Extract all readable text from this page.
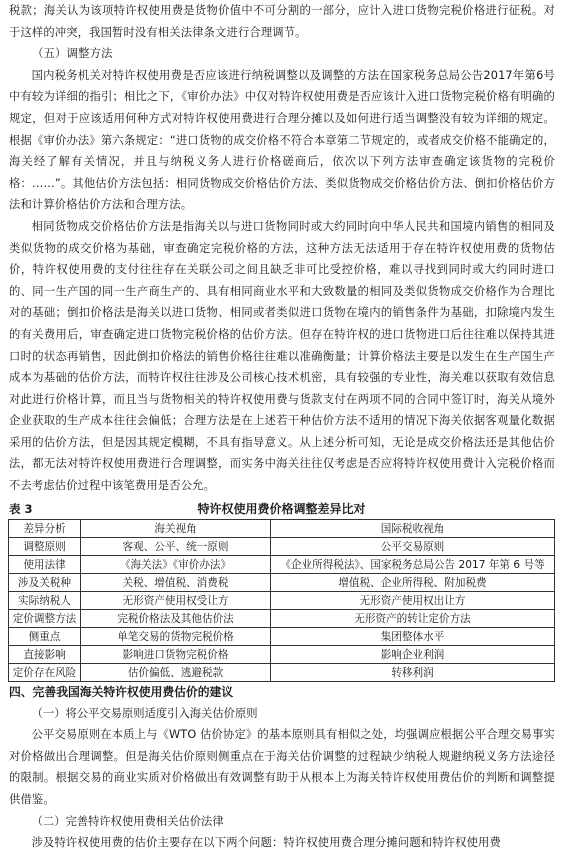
税款；海关认为该项特许权使用费是货物价值中不可分割的一部分，应计入进口货物完税价格进行征税。对于这样的冲突，我国暂时没有相关法律条文进行合理调节。

（五）调整方法

国内税务机关对特许权使用费是否应该进行纳税调整以及调整的方法在国家税务总局公告2017年第6号中有较为详细的指引；相比之下，《审价办法》中仅对特许权使用费是否应该计入进口货物完税价格有明确的规定，但对于应该适用何种方式对特许权使用费进行合理分摊以及如何进行适当调整没有较为详细的规定。根据《审价办法》第六条规定：“进口货物的成交价格不符合本章第二节规定的，或者成交价格不能确定的，海关经了解有关情况，并且与纳税义务人进行价格磋商后，依次以下列方法审查确定该货物的完税价格：……”。其他估价方法包括：相同货物成交价格估价方法、类似货物成交价格估价方法、倒扣价格估价方法和计算价格估价方法和合理方法。

相同货物成交价格估价方法是指海关以与进口货物同时或大约同时向中华人民共和国境内销售的相同及类似货物的成交价格为基础，审查确定完税价格的方法，这种方法无法适用于存在特许权使用费的货物估价，特许权使用费的支付往往存在关联公司之间且缺乏非可比受控价格，难以寻找到同时或大约同时进口的、同一生产国的同一生产商生产的、具有相同商业水平和大致数量的相同及类似货物成交价格作为合理比对的基础；倒扣价格法是海关以进口货物、相同或者类似进口货物在境内的销售条件为基础，扣除境内发生的有关费用后，审查确定进口货物完税价格的估价方法。但存在特许权的进口货物进口后往往难以保持其进口时的状态再销售，因此倒扣价格法的销售价格往往难以准确衡量；计算价格法主要是以发生在生产国生产成本为基础的估价方法，而特许权往往涉及公司核心技术机密，具有较强的专业性，海关难以获取有效信息对此进行价格计算，而且当与货物相关的特许权使用费与货款支付在两项不同的合同中签订时，海关从境外企业获取的生产成本往往会偏低；合理方法是在上述若干种估价方法不适用的情况下海关依据客观量化数据采用的估价方法，但是因其规定模糊，不具有指导意义。从上述分析可知，无论是成交价格法还是其他估价法，都无法对特许权使用费进行合理调整，而实务中海关往往仅考虑是否应将特许权使用费计入完税价格而不去考虑估价过程中该笔费用是否公允。

表 3	特许权使用费价格调整差异比对
差异分析	海关视角	国际税收视角
调整原则	客观、公平、统一原则	公平交易原则
使用法律	《海关法》《审价办法》	《企业所得税法》、国家税务总局公告 2017 年第 6 号等
涉及关税种	关税、增值税、消费税	增值税、企业所得税、附加税费
实际纳税人	无形资产使用权受让方	无形资产使用权出让方
定价调整方法	完税价格法及其他估价法	无形资产的转让定价方法
侧重点	单笔交易的货物完税价格	集团整体水平
直接影响	影响进口货物完税价格	影响企业利润
定价存在风险	估价偏低、逃避税款	转移利润

四、完善我国海关特许权使用费估价的建议

（一）将公平交易原则适度引入海关估价原则

公平交易原则在本质上与《WTO 估价协定》的基本原则具有相似之处，均强调应根据公平合理交易事实对价格做出合理调整。但是海关估价原则侧重点在于海关估价调整的过程缺少纳税人规避纳税义务方法途径的限制。根据交易的商业实质对价格做出有效调整有助于从根本上为海关特许权使用费估价的判断和调整提供借鉴。

（二）完善特许权使用费相关估价法律

涉及特许权使用费的估价主要存在以下两个问题：特许权使用费合理分摊问题和特许权使用费
